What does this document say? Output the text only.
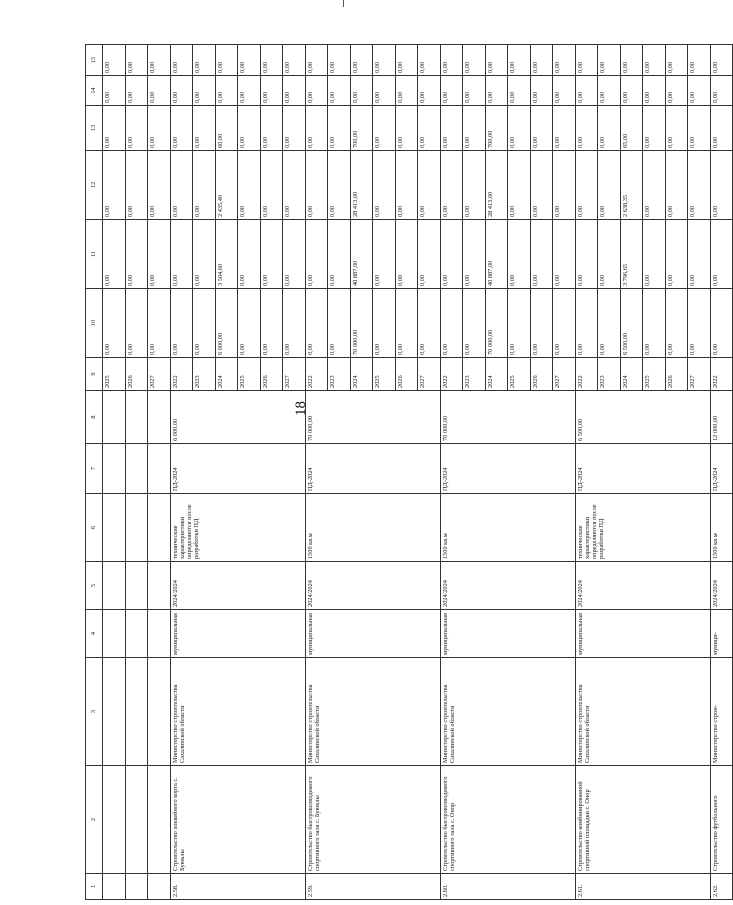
18
1	2	3	4	5	6	7	8	9	10	11	12	13	14	15	
								2025	0,00	0,00	0,00	0,00	0,00	0,00	
								2026	0,00	0,00	0,00	0,00	0,00	0,00	
								2027	0,00	0,00	0,00	0,00	0,00	0,00	
2.58.	Строительство хоккейного корта с. Буюклы	Министерство строительства Сахалинской области	муниципальная	2024/2024	технические характеристики определяются после разработки ПД	ПД-2024	6 000,00	2022	0,00	0,00	0,00	0,00	0,00	0,00	
								2023	0,00	0,00	0,00	0,00	0,00	0,00	
								2024	6 000,00	3 504,60	2 435,40	60,00	0,00	0,00	
								2025	0,00	0,00	0,00	0,00	0,00	0,00	
								2026	0,00	0,00	0,00	0,00	0,00	0,00	
								2027	0,00	0,00	0,00	0,00	0,00	0,00	
2.59.	Строительство быстровозводимого спортивного зала с. Буюклы	Министерство строительства Сахалинской области	муниципальная	2024/2024	1500 кв.м	ПД-2024	70 000,00	2022	0,00	0,00	0,00	0,00	0,00	0,00	
								2023	0,00	0,00	0,00	0,00	0,00	0,00	
								2024	70 000,00	40 887,00	28 413,00	700,00	0,00	0,00	
								2025	0,00	0,00	0,00	0,00	0,00	0,00	
								2026	0,00	0,00	0,00	0,00	0,00	0,00	
								2027	0,00	0,00	0,00	0,00	0,00	0,00	
2.60.	Строительство быстровозводимого спортивного зала с. Онор	Министерство строительства Сахалинской области	муниципальная	2024/2024	1500 кв.м	ПД-2024	70 000,00	2022	0,00	0,00	0,00	0,00	0,00	0,00	
								2023	0,00	0,00	0,00	0,00	0,00	0,00	
								2024	70 000,00	40 887,00	28 413,00	700,00	0,00	0,00	
								2025	0,00	0,00	0,00	0,00	0,00	0,00	
								2026	0,00	0,00	0,00	0,00	0,00	0,00	
								2027	0,00	0,00	0,00	0,00	0,00	0,00	
2.61.	Строительство комбинированной спортивной площадки с. Онор	Министерство строительства Сахалинской области	муниципальная	2024/2024	технические характеристики определяются после разработки ПД	ПД-2024	6 500,00	2022	0,00	0,00	0,00	0,00	0,00	0,00	
								2023	0,00	0,00	0,00	0,00	0,00	0,00	
								2024	6 500,00	3 796,65	2 638,35	65,00	0,00	0,00	
								2025	0,00	0,00	0,00	0,00	0,00	0,00	
								2026	0,00	0,00	0,00	0,00	0,00	0,00	
								2027	0,00	0,00	0,00	0,00	0,00	0,00	
2.62.	Строительство футбольного	Министерство строи-	муници-	2024/2024	1500 кв.м	ПД-2024	12 000,00	2022	0,00	0,00	0,00	0,00	0,00	0,00	
